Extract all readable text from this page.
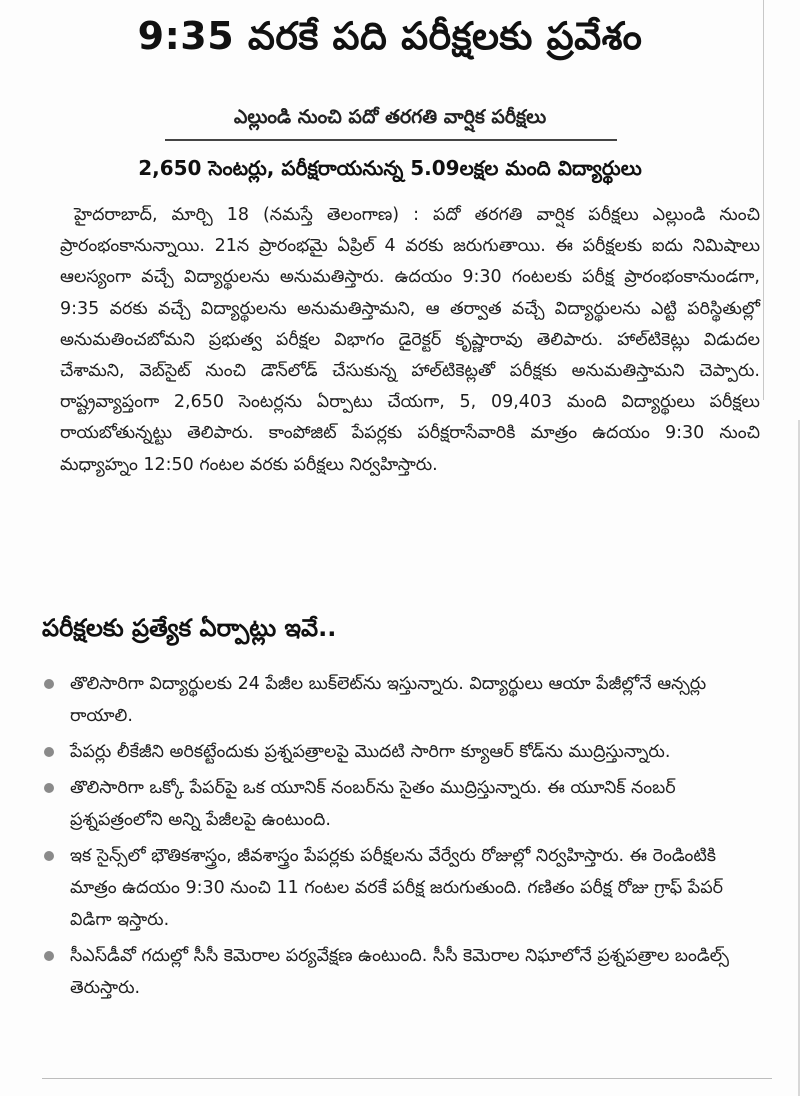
9:35 వరకే పది పరీక్షలకు ప్రవేశం
ఎల్లుండి నుంచి పదో తరగతి వార్షిక పరీక్షలు
2,650 సెంటర్లు, పరీక్షరాయనున్న 5.09లక్షల మంది విద్యార్థులు
హైదరాబాద్, మార్చి 18 (నమస్తే తెలంగాణ) : పదో తరగతి వార్షిక పరీక్షలు ఎల్లుండి నుంచి ప్రారంభంకానున్నాయి. 21న ప్రారంభమై ఏప్రిల్ 4 వరకు జరుగుతాయి. ఈ పరీక్షలకు ఐదు నిమిషాలు ఆలస్యంగా వచ్చే విద్యార్థులను అనుమతిస్తారు. ఉదయం 9:30 గంటలకు పరీక్ష ప్రారంభంకానుండగా, 9:35 వరకు వచ్చే విద్యార్థులను అనుమతిస్తామని, ఆ తర్వాత వచ్చే విద్యార్థులను ఎట్టి పరిస్థితుల్లో అనుమతించబోమని ప్రభుత్వ పరీక్షల విభాగం డైరెక్టర్ కృష్ణారావు తెలిపారు. హాల్‌టికెట్లు విడుదల చేశామని, వెబ్‌సైట్ నుంచి డౌన్‌లోడ్ చేసుకున్న హాల్‌టికెట్లతో పరీక్షకు అనుమతిస్తామని చెప్పారు. రాష్ట్రవ్యాప్తంగా 2,650 సెంటర్లను ఏర్పాటు చేయగా, 5, 09,403 మంది విద్యార్థులు పరీక్షలు రాయబోతున్నట్టు తెలిపారు. కాంపోజిట్ పేపర్లకు పరీక్షరాసేవారికి మాత్రం ఉదయం 9:30 నుంచి మధ్యాహ్నం 12:50 గంటల వరకు పరీక్షలు నిర్వహిస్తారు.
పరీక్షలకు ప్రత్యేక ఏర్పాట్లు ఇవే..
తొలిసారిగా విద్యార్థులకు 24 పేజీల బుక్‌లెట్‌ను ఇస్తున్నారు. విద్యార్థులు ఆయా పేజీల్లోనే ఆన్సర్లు రాయాలి.
పేపర్లు లీకేజీని అరికట్టేందుకు ప్రశ్నపత్రాలపై మొదటి సారిగా క్యూఆర్ కోడ్‌ను ముద్రిస్తున్నారు.
తొలిసారిగా ఒక్కో పేపర్‌పై ఒక యూనిక్ నంబర్‌ను సైతం ముద్రిస్తున్నారు. ఈ యూనిక్ నంబర్ ప్రశ్నపత్రంలోని అన్ని పేజీలపై ఉంటుంది.
ఇక సైన్స్‌లో భౌతికశాస్త్రం, జీవశాస్త్రం పేపర్లకు పరీక్షలను వేర్వేరు రోజుల్లో నిర్వహిస్తారు. ఈ రెండింటికి మాత్రం ఉదయం 9:30 నుంచి 11 గంటల వరకే పరీక్ష జరుగుతుంది. గణితం పరీక్ష రోజు గ్రాఫ్ పేపర్ విడిగా ఇస్తారు.
సీఎస్‌డీవో గదుల్లో సీసీ కెమెరాల పర్యవేక్షణ ఉంటుంది. సీసీ కెమెరాల నిఘాలోనే ప్రశ్నపత్రాల బండిల్స్ తెరుస్తారు.
